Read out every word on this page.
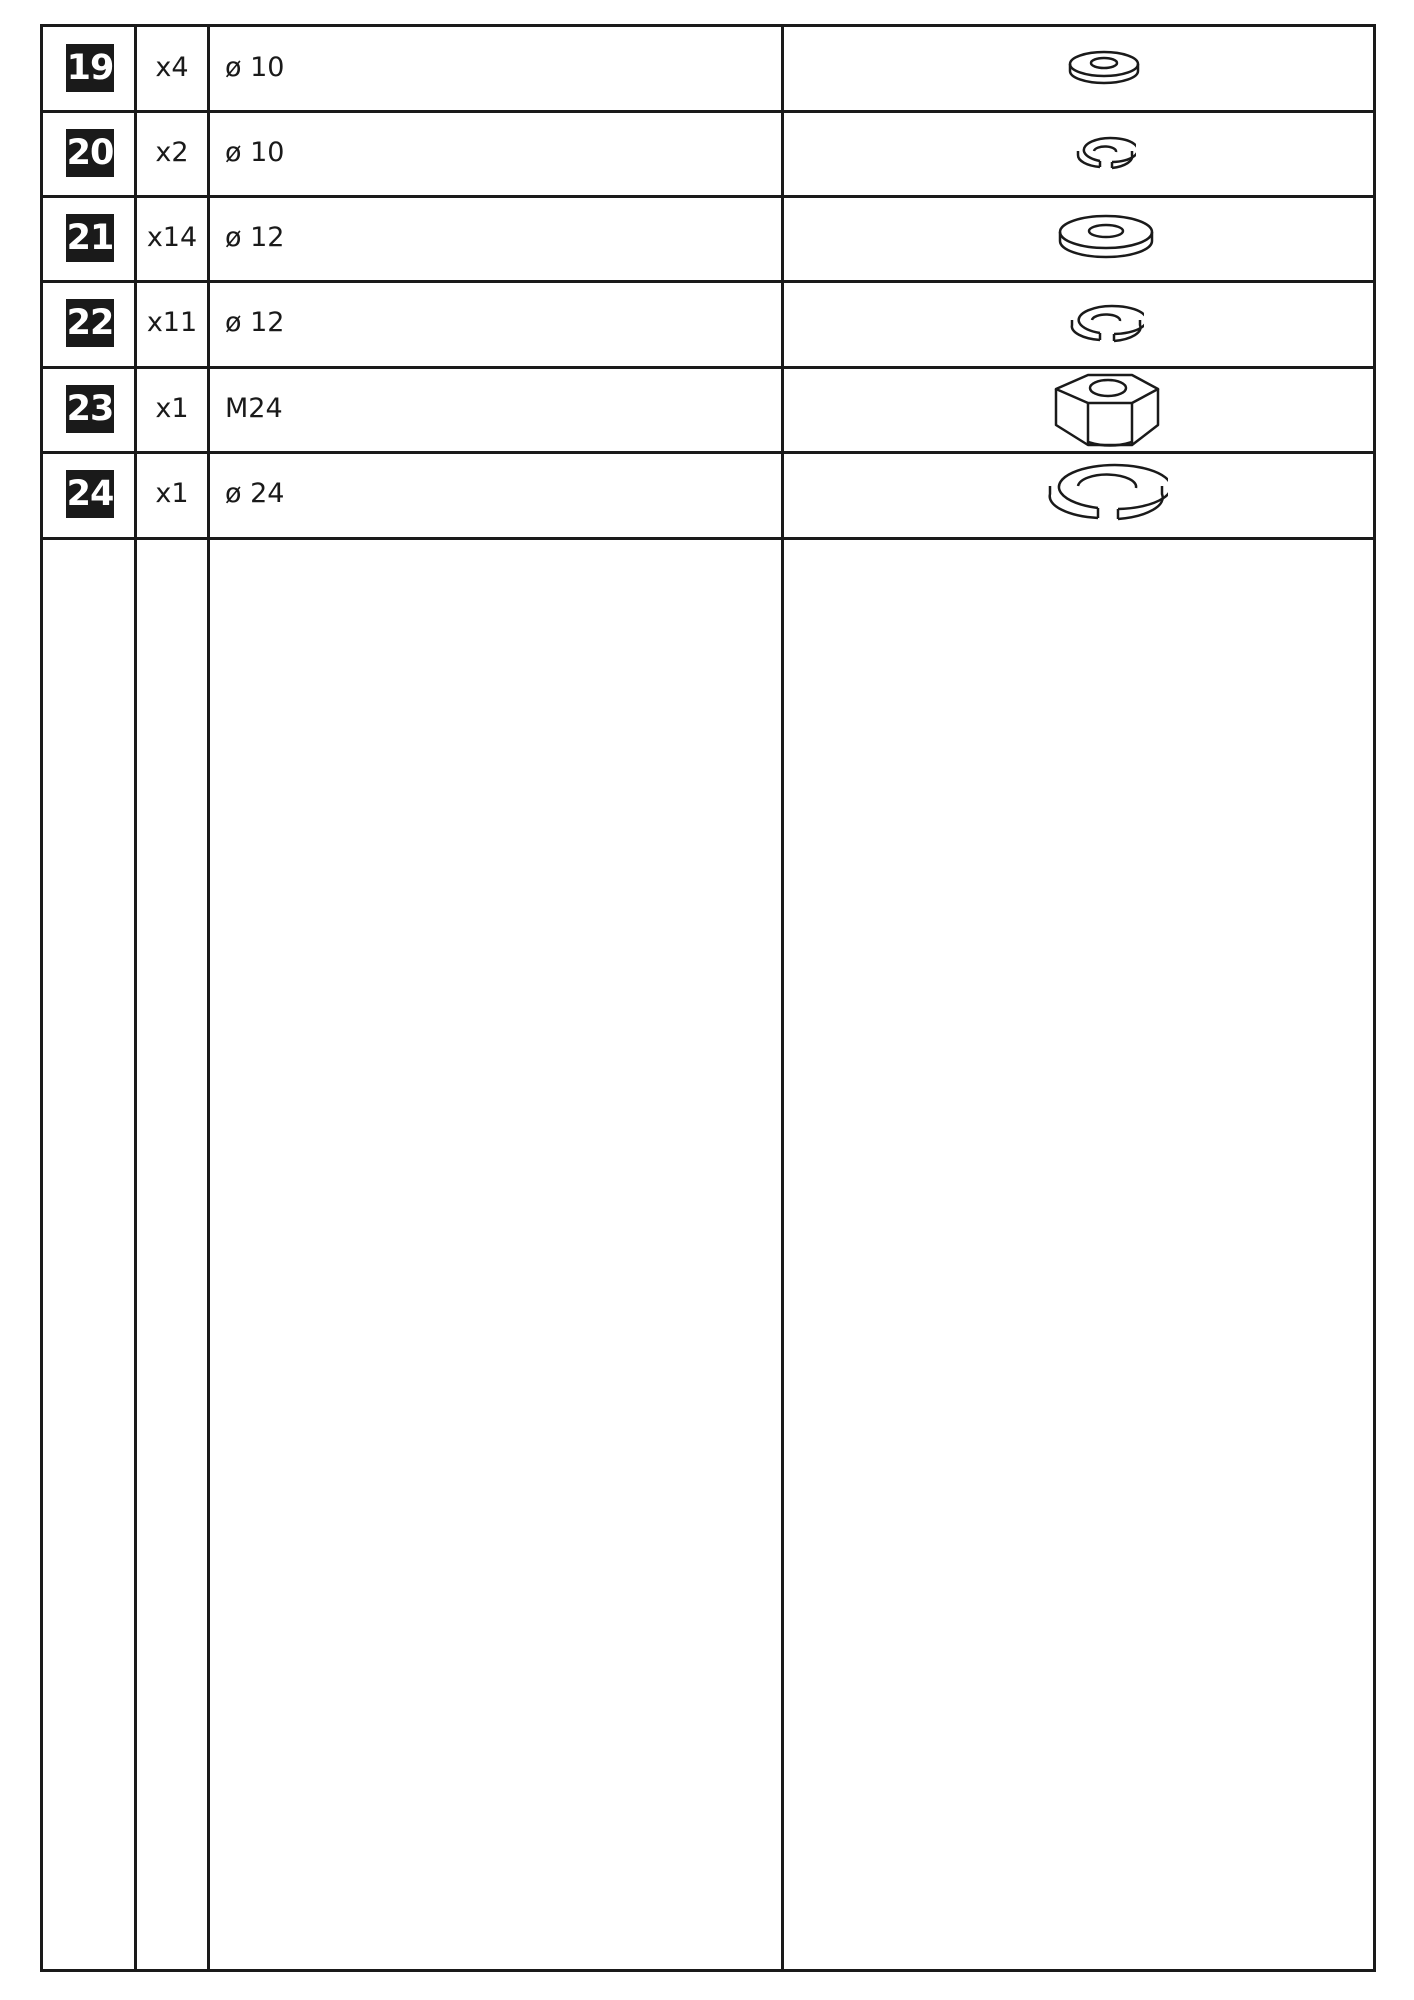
19	x4	ø 10
20	x2	ø 10
21	x14	ø 12
22	x11	ø 12
23	x1	M24
24	x1	ø 24
